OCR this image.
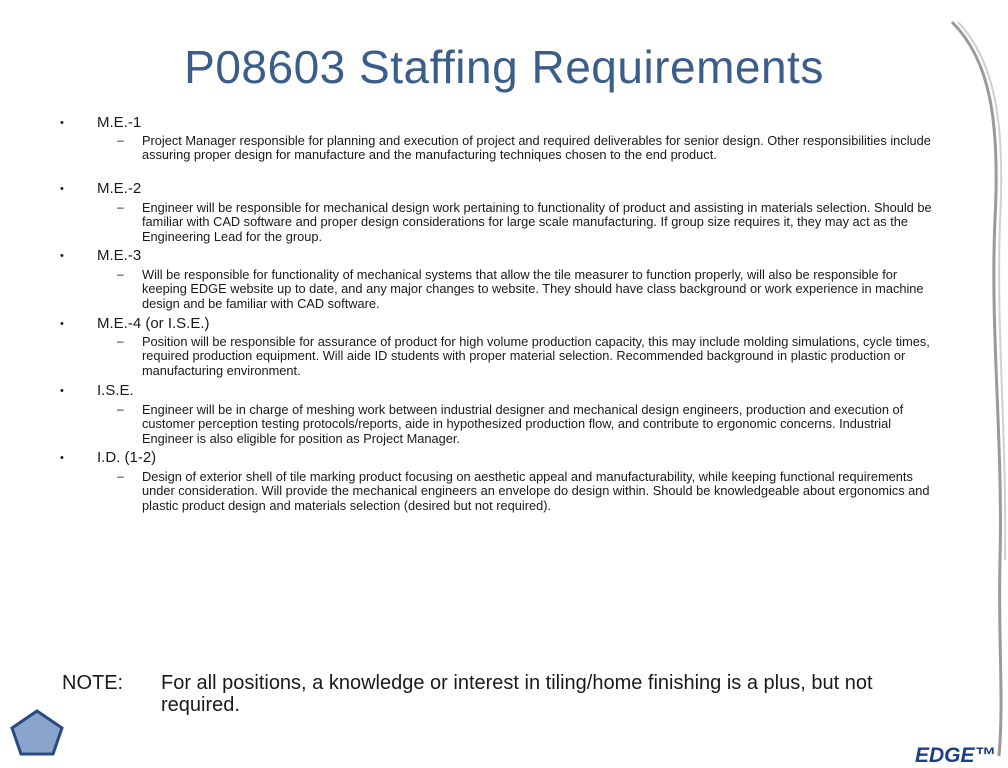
P08603 Staffing Requirements
• M.E.-1
– Project Manager responsible for planning and execution of project and required deliverables for senior design. Other responsibilities include assuring proper design for manufacture and the manufacturing techniques chosen to the end product.
• M.E.-2
– Engineer will be responsible for mechanical design work pertaining to functionality of product and assisting in materials selection. Should be familiar with CAD software and proper design considerations for large scale manufacturing. If group size requires it, they may act as the Engineering Lead for the group.
• M.E.-3
– Will be responsible for functionality of mechanical systems that allow the tile measurer to function properly, will also be responsible for keeping EDGE website up to date, and any major changes to website. They should have class background or work experience in machine design and be familiar with CAD software.
• M.E.-4 (or I.S.E.)
– Position will be responsible for assurance of product for high volume production capacity, this may include molding simulations, cycle times, required production equipment. Will aide ID students with proper material selection. Recommended background in plastic production or manufacturing environment.
• I.S.E.
– Engineer will be in charge of meshing work between industrial designer and mechanical design engineers, production and execution of customer perception testing protocols/reports, aide in hypothesized production flow, and contribute to ergonomic concerns. Industrial Engineer is also eligible for position as Project Manager.
• I.D. (1-2)
– Design of exterior shell of tile marking product focusing on aesthetic appeal and manufacturability, while keeping functional requirements under consideration. Will provide the mechanical engineers an envelope do design within. Should be knowledgeable about ergonomics and plastic product design and materials selection (desired but not required).
NOTE: For all positions, a knowledge or interest in tiling/home finishing is a plus, but not required.
EDGE™
